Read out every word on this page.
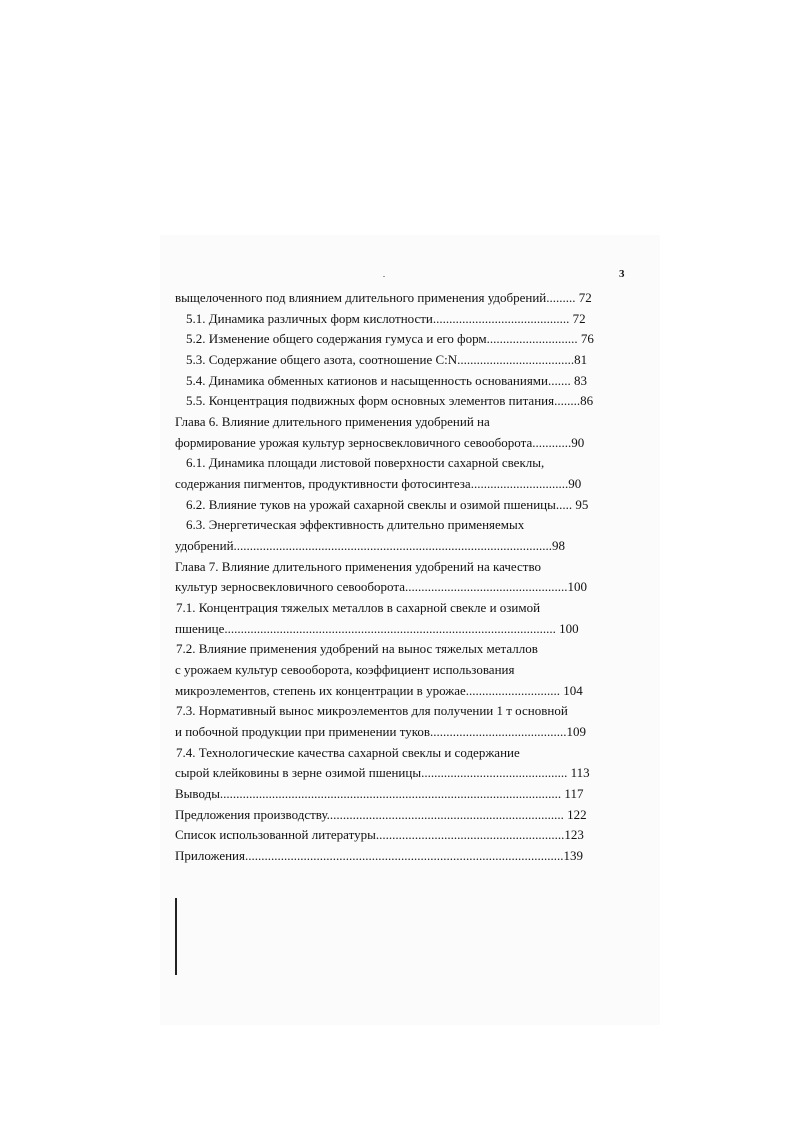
3
выщелоченного под влиянием длительного применения удобрений......... 72
5.1. Динамика различных форм кислотности.......................................... 72
5.2. Изменение общего содержания гумуса и его форм............................ 76
5.3. Содержание общего азота, соотношение C:N....................................81
5.4. Динамика обменных катионов и насыщенность основаниями....... 83
5.5. Концентрация подвижных форм основных элементов питания........86
Глава 6. Влияние длительного применения удобрений на
формирование урожая культур зерносвекловичного севооборота............90
6.1. Динамика площади листовой поверхности сахарной свеклы,
содержания пигментов, продуктивности фотосинтеза..............................90
6.2. Влияние туков на урожай сахарной свеклы и озимой пшеницы..... 95
6.3. Энергетическая эффективность длительно применяемых
удобрений..................................................................................................98
Глава 7. Влияние длительного применения удобрений на качество
культур зерносвекловичного севооборота..................................................100
7.1. Концентрация тяжелых металлов в сахарной свекле и озимой
пшенице...................................................................................................... 100
7.2. Влияние применения удобрений на вынос тяжелых металлов
с урожаем культур севооборота, коэффициент использования
микроэлементов, степень их концентрации в урожае............................. 104
7.3. Нормативный вынос микроэлементов для получении 1 т основной
и побочной продукции при применении туков..........................................109
7.4. Технологические качества сахарной свеклы и содержание
сырой клейковины в зерне озимой пшеницы............................................. 113
Выводы......................................................................................................... 117
Предложения производству......................................................................... 122
Список использованной литературы..........................................................123
Приложения..................................................................................................139
